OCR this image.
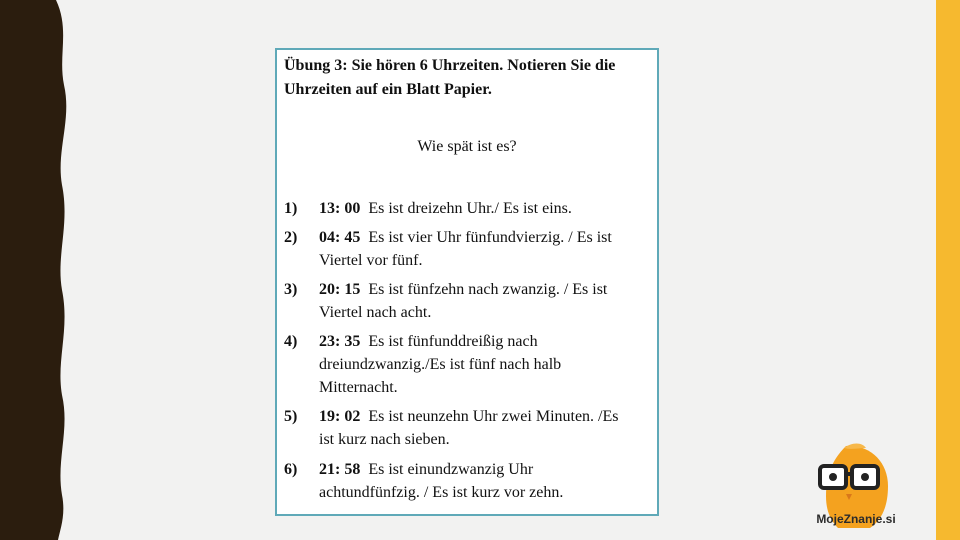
Übung 3: Sie hören 6 Uhrzeiten. Notieren Sie die Uhrzeiten auf ein Blatt Papier.
Wie spät ist es?
1)	13: 00 Es ist dreizehn Uhr./ Es ist eins.
2)	04: 45 Es ist vier Uhr fünfundvierzig. / Es ist Viertel vor fünf.
3)	20: 15 Es ist fünfzehn nach zwanzig. / Es ist Viertel nach acht.
4)	23: 35 Es ist fünfunddreißig nach dreiundzwanzig./Es ist fünf nach halb Mitternacht.
5)	19: 02 Es ist neunzehn Uhr zwei Minuten. /Es ist kurz nach sieben.
6)	21: 58 Es ist einundzwanzig Uhr achtundfünfzig. / Es ist kurz vor zehn.
MojeZnanje.si
